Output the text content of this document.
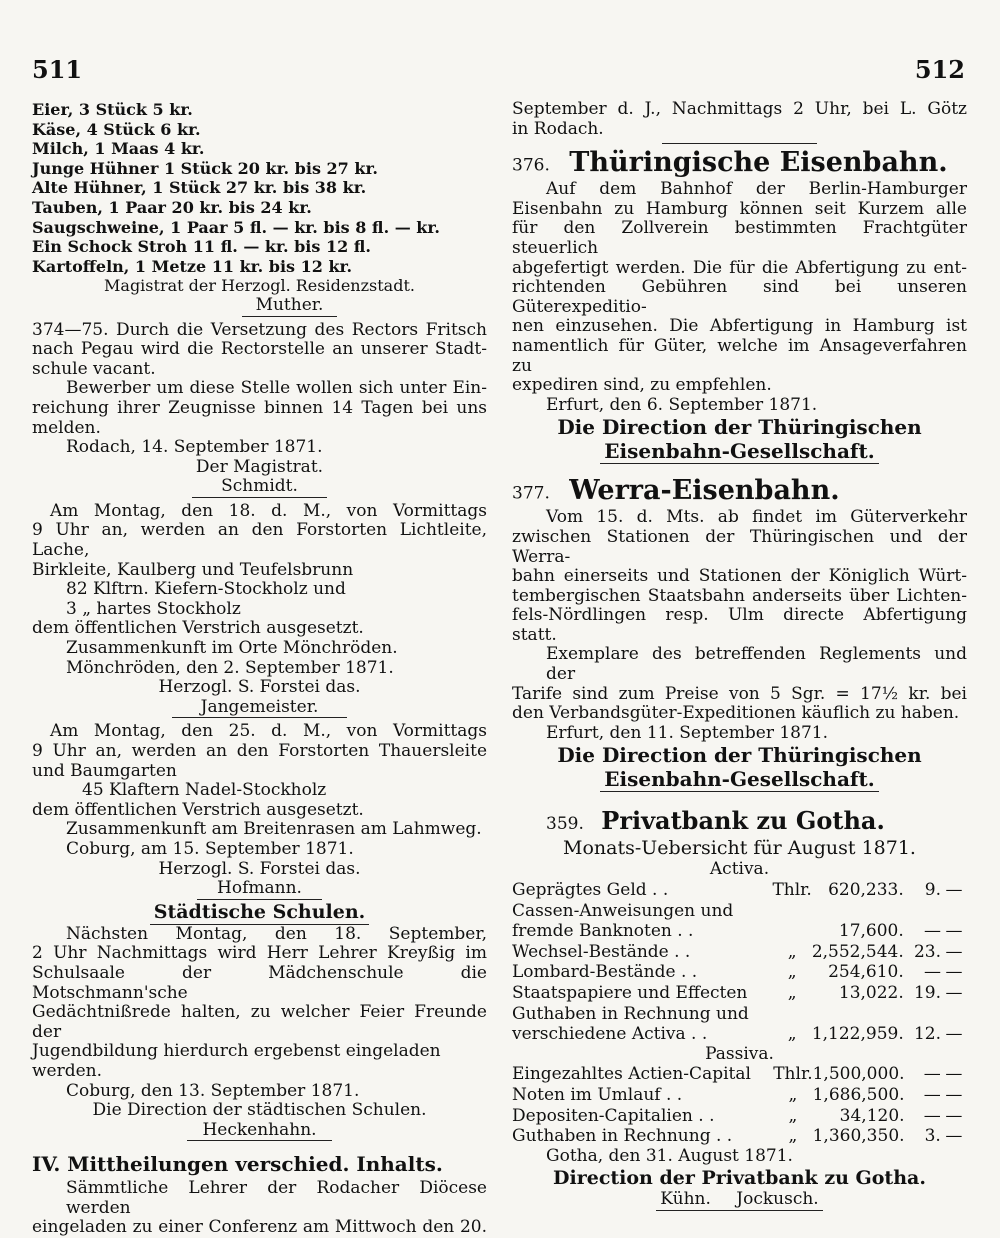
511	512

Eier, 3 Stück 5 kr.

Käse, 4 Stück 6 kr.

Milch, 1 Maas 4 kr.

Junge Hühner 1 Stück 20 kr. bis 27 kr.

Alte Hühner, 1 Stück 27 kr. bis 38 kr.

Tauben, 1 Paar 20 kr. bis 24 kr.

Saugschweine, 1 Paar 5 fl. — kr. bis 8 fl. — kr.

Ein Schock Stroh 11 fl. — kr. bis 12 fl.

Kartoffeln, 1 Metze 11 kr. bis 12 kr.

Magistrat der Herzogl. Residenzstadt.

Muther.

374—75. Durch die Versetzung des Rectors Fritsch

nach Pegau wird die Rectorstelle an unserer Stadt-

schule vacant.

Bewerber um diese Stelle wollen sich unter Ein-

reichung ihrer Zeugnisse binnen 14 Tagen bei uns

melden.

Rodach, 14. September 1871.

Der Magistrat.

Schmidt.

Am Montag, den 18. d. M., von Vormittags

9 Uhr an, werden an den Forstorten Lichtleite, Lache,

Birkleite, Kaulberg und Teufelsbrunn

82 Klftrn. Kiefern-Stockholz und

3 „ hartes Stockholz

dem öffentlichen Verstrich ausgesetzt.

Zusammenkunft im Orte Mönchröden.

Mönchröden, den 2. September 1871.

Herzogl. S. Forstei das.

Jangemeister.

Am Montag, den 25. d. M., von Vormittags

9 Uhr an, werden an den Forstorten Thauersleite

und Baumgarten

45 Klaftern Nadel-Stockholz

dem öffentlichen Verstrich ausgesetzt.

Zusammenkunft am Breitenrasen am Lahmweg.

Coburg, am 15. September 1871.

Herzogl. S. Forstei das.

Hofmann.

Städtische Schulen.

Nächsten Montag, den 18. September,

2 Uhr Nachmittags wird Herr Lehrer Kreyßig im

Schulsaale der Mädchenschule die Motschmann'sche

Gedächtnißrede halten, zu welcher Feier Freunde der

Jugendbildung hierdurch ergebenst eingeladen werden.

Coburg, den 13. September 1871.

Die Direction der städtischen Schulen.

Heckenhahn.

IV. Mittheilungen verschied. Inhalts.

Sämmtliche Lehrer der Rodacher Diöcese werden

eingeladen zu einer Conferenz am Mittwoch den 20.

September d. J., Nachmittags 2 Uhr, bei L. Götz

in Rodach.

376. Thüringische Eisenbahn.

Auf dem Bahnhof der Berlin-Hamburger

Eisenbahn zu Hamburg können seit Kurzem alle

für den Zollverein bestimmten Frachtgüter steuerlich

abgefertigt werden. Die für die Abfertigung zu ent-

richtenden Gebühren sind bei unseren Güterexpeditio-

nen einzusehen. Die Abfertigung in Hamburg ist

namentlich für Güter, welche im Ansageverfahren zu

expediren sind, zu empfehlen.

Erfurt, den 6. September 1871.

Die Direction der Thüringischen

Eisenbahn-Gesellschaft.

377. Werra-Eisenbahn.

Vom 15. d. Mts. ab findet im Güterverkehr

zwischen Stationen der Thüringischen und der Werra-

bahn einerseits und Stationen der Königlich Würt-

tembergischen Staatsbahn anderseits über Lichten-

fels-Nördlingen resp. Ulm directe Abfertigung

statt.

Exemplare des betreffenden Reglements und der

Tarife sind zum Preise von 5 Sgr. = 17½ kr. bei

den Verbandsgüter-Expeditionen käuflich zu haben.

Erfurt, den 11. September 1871.

Die Direction der Thüringischen

Eisenbahn-Gesellschaft.

359. Privatbank zu Gotha.

Monats-Uebersicht für August 1871.

Activa.

Geprägtes Geld . .	Thlr.	620,233.	9.	—
Cassen-Anweisungen und				
fremde Banknoten . .		17,600.	—	—
Wechsel-Bestände . .	„	2,552,544.	23.	—
Lombard-Bestände . .	„	254,610.	—	—
Staatspapiere und Effecten	„	13,022.	19.	—
Guthaben in Rechnung und				
verschiedene Activa . .	„	1,122,959.	12.	—

Passiva.

Eingezahltes Actien-Capital	Thlr.	1,500,000.	—	—
Noten im Umlauf . .	„	1,686,500.	—	—
Depositen-Capitalien . .	„	34,120.	—	—
Guthaben in Rechnung . .	„	1,360,350.	3.	—

Gotha, den 31. August 1871.

Direction der Privatbank zu Gotha.

Kühn. Jockusch.
